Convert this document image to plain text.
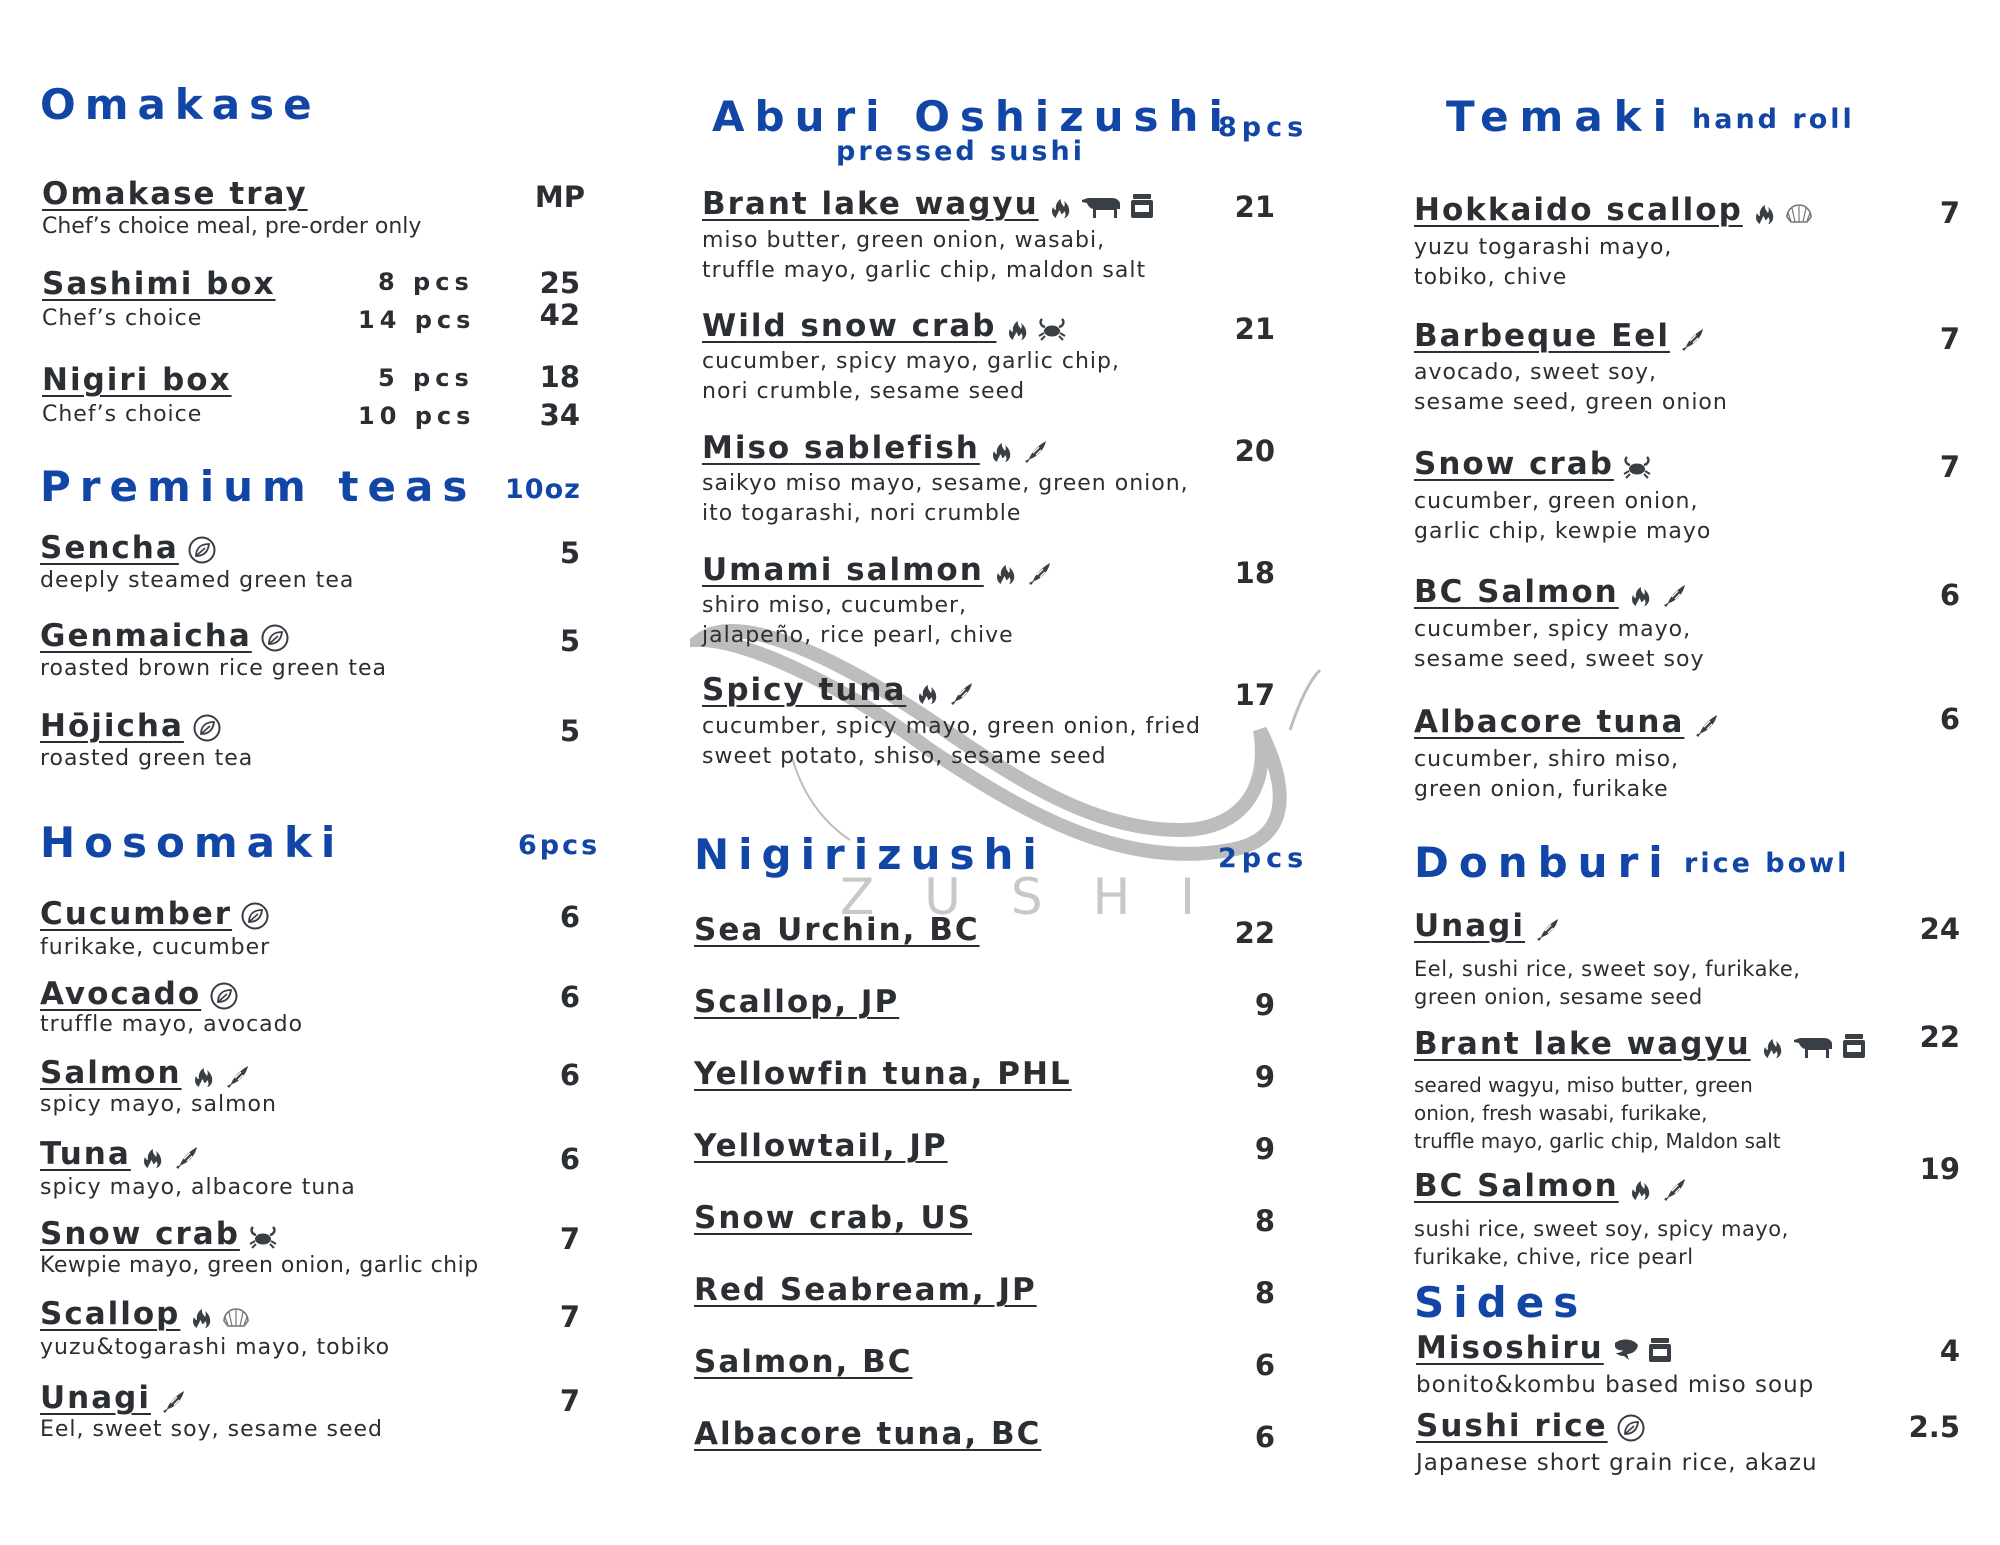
Omakase
Omakase tray	MP
Chef’s choice meal, pre-order only
Sashimi box	8 pcs	25
Chef’s choice	14 pcs	42
Nigiri box	5 pcs	18
Chef’s choice	10 pcs	34
Premium teas 10oz
Sencha	5
deeply steamed green tea
Genmaicha	5
roasted brown rice green tea
Hōjicha	5
roasted green tea
Hosomaki	6pcs
Cucumber	6
furikake, cucumber
Avocado	6
truffle mayo, avocado
Salmon	6
spicy mayo, salmon
Tuna	6
spicy mayo, albacore tuna
Snow crab	7
Kewpie mayo, green onion, garlic chip
Scallop	7
yuzu&togarashi mayo, tobiko
Unagi	7
Eel, sweet soy, sesame seed
ZUSHI
Aburi Oshizushi
8pcs
pressed sushi
Brant lake wagyu	21
miso butter, green onion, wasabi,
truffle mayo, garlic chip, maldon salt
Wild snow crab	21
cucumber, spicy mayo, garlic chip,
nori crumble, sesame seed
Miso sablefish	20
saikyo miso mayo, sesame, green onion,
ito togarashi, nori crumble
Umami salmon	18
shiro miso, cucumber,
jalapeño, rice pearl, chive
Spicy tuna	17
cucumber, spicy mayo, green onion, fried
sweet potato, shiso, sesame seed
Nigirizushi	2pcs
Sea Urchin, BC	22
Scallop, JP	9
Yellowfin tuna, PHL	9
Yellowtail, JP	9
Snow crab, US	8
Red Seabream, JP	8
Salmon, BC	6
Albacore tuna, BC	6
Temaki hand roll
Hokkaido scallop	7
yuzu togarashi mayo,
tobiko, chive
Barbeque Eel	7
avocado, sweet soy,
sesame seed, green onion
Snow crab	7
cucumber, green onion,
garlic chip, kewpie mayo
BC Salmon	6
cucumber, spicy mayo,
sesame seed, sweet soy
Albacore tuna	6
cucumber, shiro miso,
green onion, furikake
Donburi rice bowl
Unagi	24
Eel, sushi rice, sweet soy, furikake,
green onion, sesame seed
Brant lake wagyu	22
seared wagyu, miso butter, green
onion, fresh wasabi, furikake,
truffle mayo, garlic chip, Maldon salt
BC Salmon	19
sushi rice, sweet soy, spicy mayo,
furikake, chive, rice pearl
Sides
Misoshiru	4
bonito&kombu based miso soup
Sushi rice	2.5
Japanese short grain rice, akazu
